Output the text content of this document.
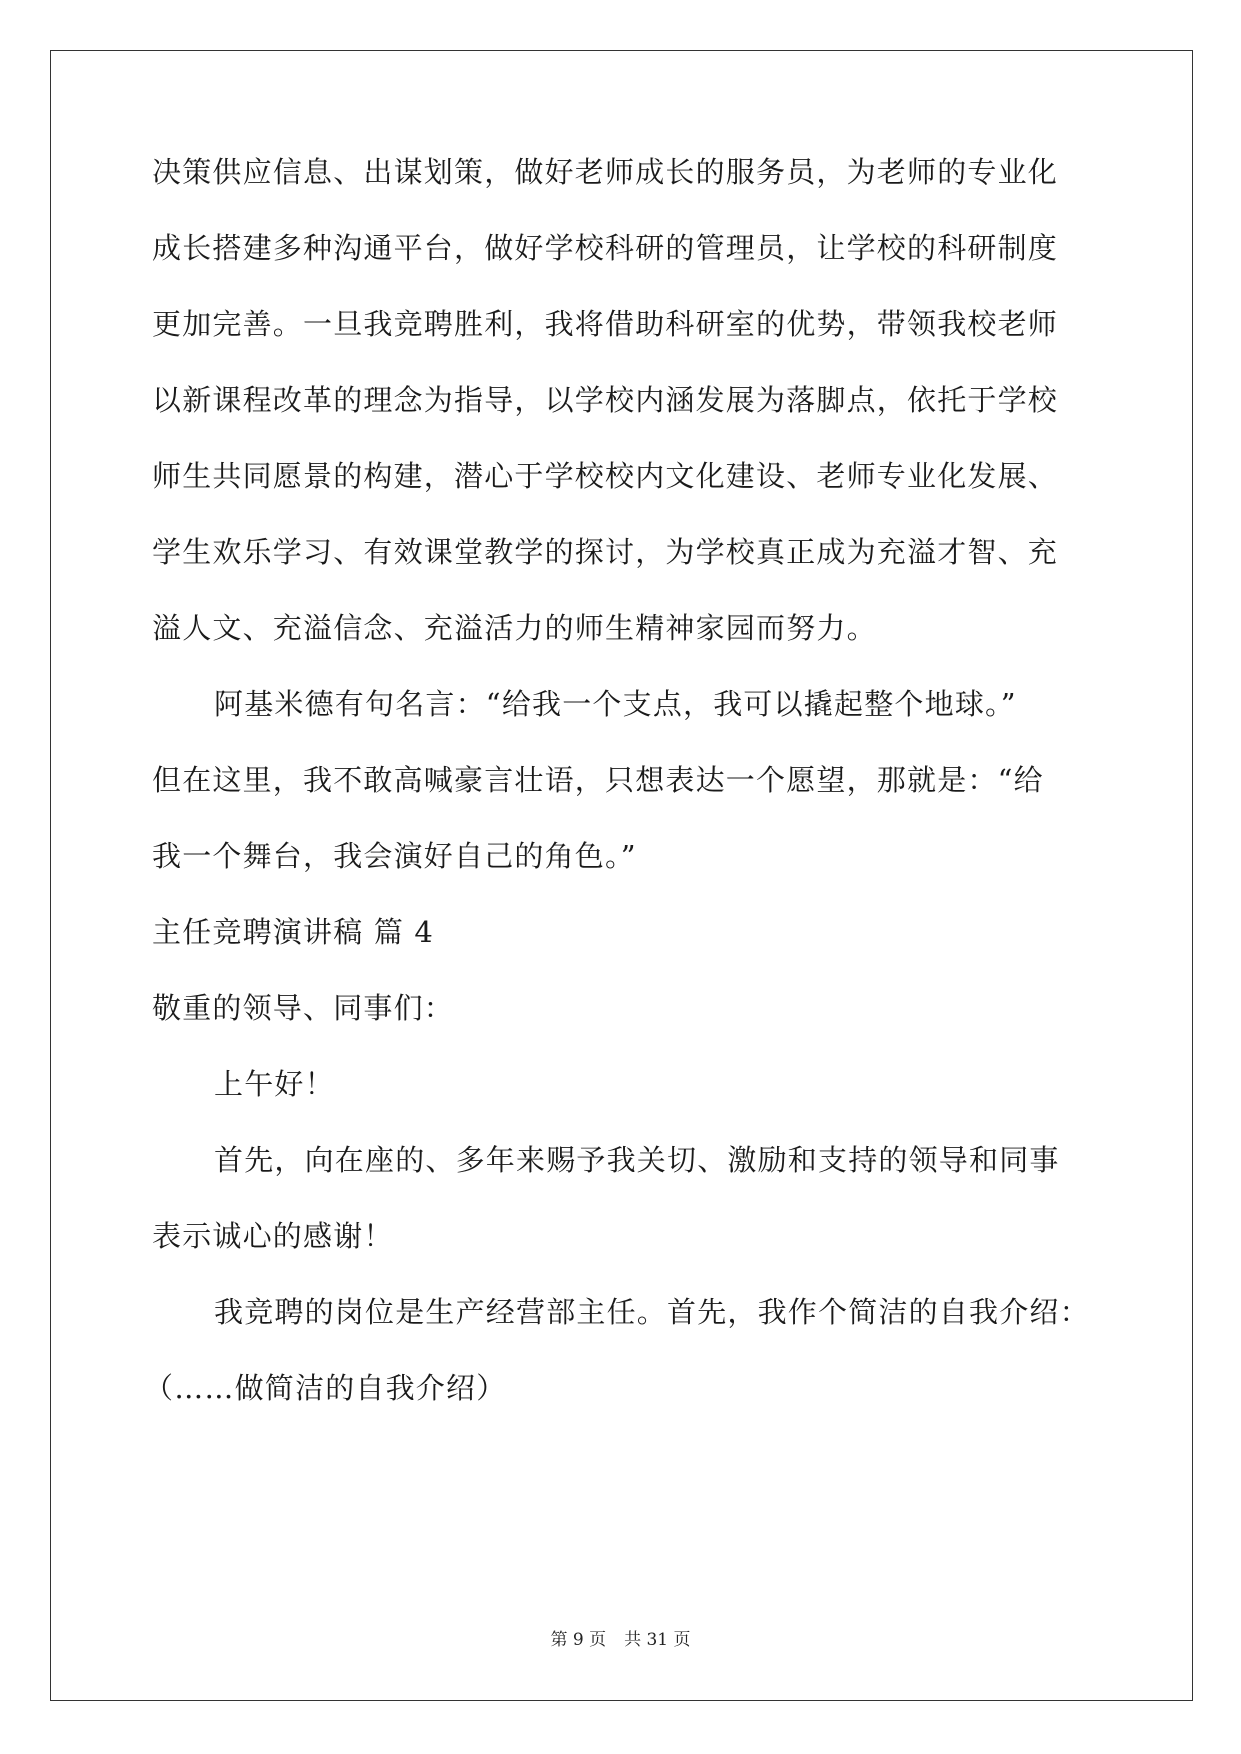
决策供应信息、出谋划策，做好老师成长的服务员，为老师的专业化
成长搭建多种沟通平台，做好学校科研的管理员，让学校的科研制度
更加完善。一旦我竞聘胜利，我将借助科研室的优势，带领我校老师
以新课程改革的理念为指导，以学校内涵发展为落脚点，依托于学校
师生共同愿景的构建，潜心于学校校内文化建设、老师专业化发展、
学生欢乐学习、有效课堂教学的探讨，为学校真正成为充溢才智、充
溢人文、充溢信念、充溢活力的师生精神家园而努力。
阿基米德有句名言：“给我一个支点，我可以撬起整个地球。”
但在这里，我不敢高喊豪言壮语，只想表达一个愿望，那就是：“给
我一个舞台，我会演好自己的角色。”
主任竞聘演讲稿 篇 4
敬重的领导、同事们：
上午好！
首先，向在座的、多年来赐予我关切、激励和支持的领导和同事
表示诚心的感谢！
我竞聘的岗位是生产经营部主任。首先，我作个简洁的自我介绍：
（……做简洁的自我介绍）
第 9 页 共 31 页
